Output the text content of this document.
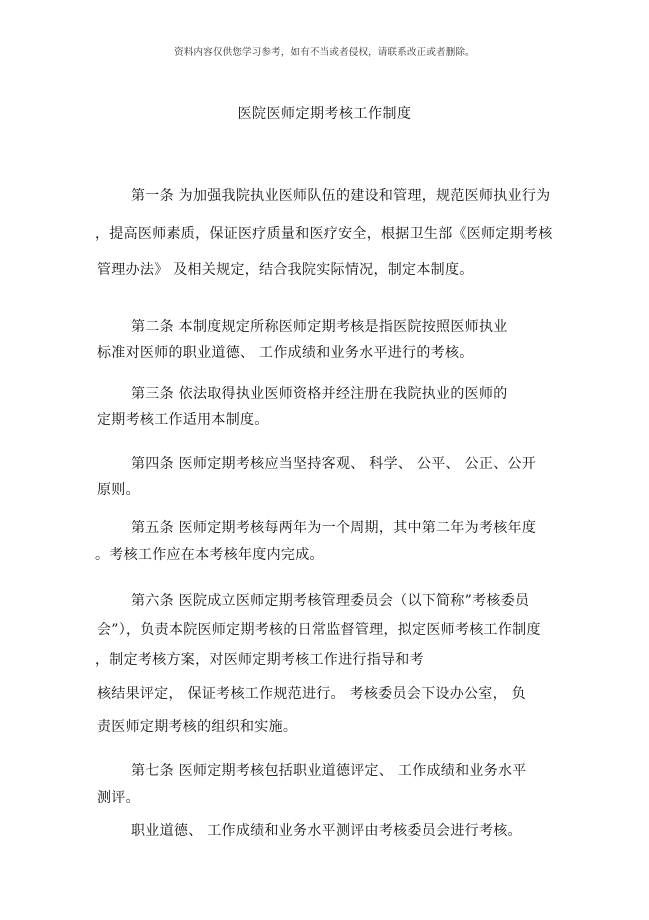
资料内容仅供您学习参考，如有不当或者侵权，请联系改正或者删除。
医院医师定期考核工作制度
第一条 为加强我院执业医师队伍的建设和管理，规范医师执业行为
，提高医师素质，保证医疗质量和医疗安全，根据卫生部《医师定期考核
管理办法》 及相关规定，结合我院实际情况，制定本制度。
第二条 本制度规定所称医师定期考核是指医院按照医师执业
标准对医师的职业道德、 工作成绩和业务水平进行的考核。
第三条 依法取得执业医师资格并经注册在我院执业的医师的
定期考核工作适用本制度。
第四条 医师定期考核应当坚持客观、 科学、 公平、 公正、公开
原则。
第五条 医师定期考核每两年为一个周期，其中第二年为考核年度
。考核工作应在本考核年度内完成。
第六条 医院成立医师定期考核管理委员会（以下简称”考核委员
会”），负责本院医师定期考核的日常监督管理，拟定医师考核工作制度
，制定考核方案，对医师定期考核工作进行指导和考
核结果评定， 保证考核工作规范进行。 考核委员会下设办公室， 负
责医师定期考核的组织和实施。
第七条 医师定期考核包括职业道德评定、 工作成绩和业务水平
测评。
职业道德、 工作成绩和业务水平测评由考核委员会进行考核。
